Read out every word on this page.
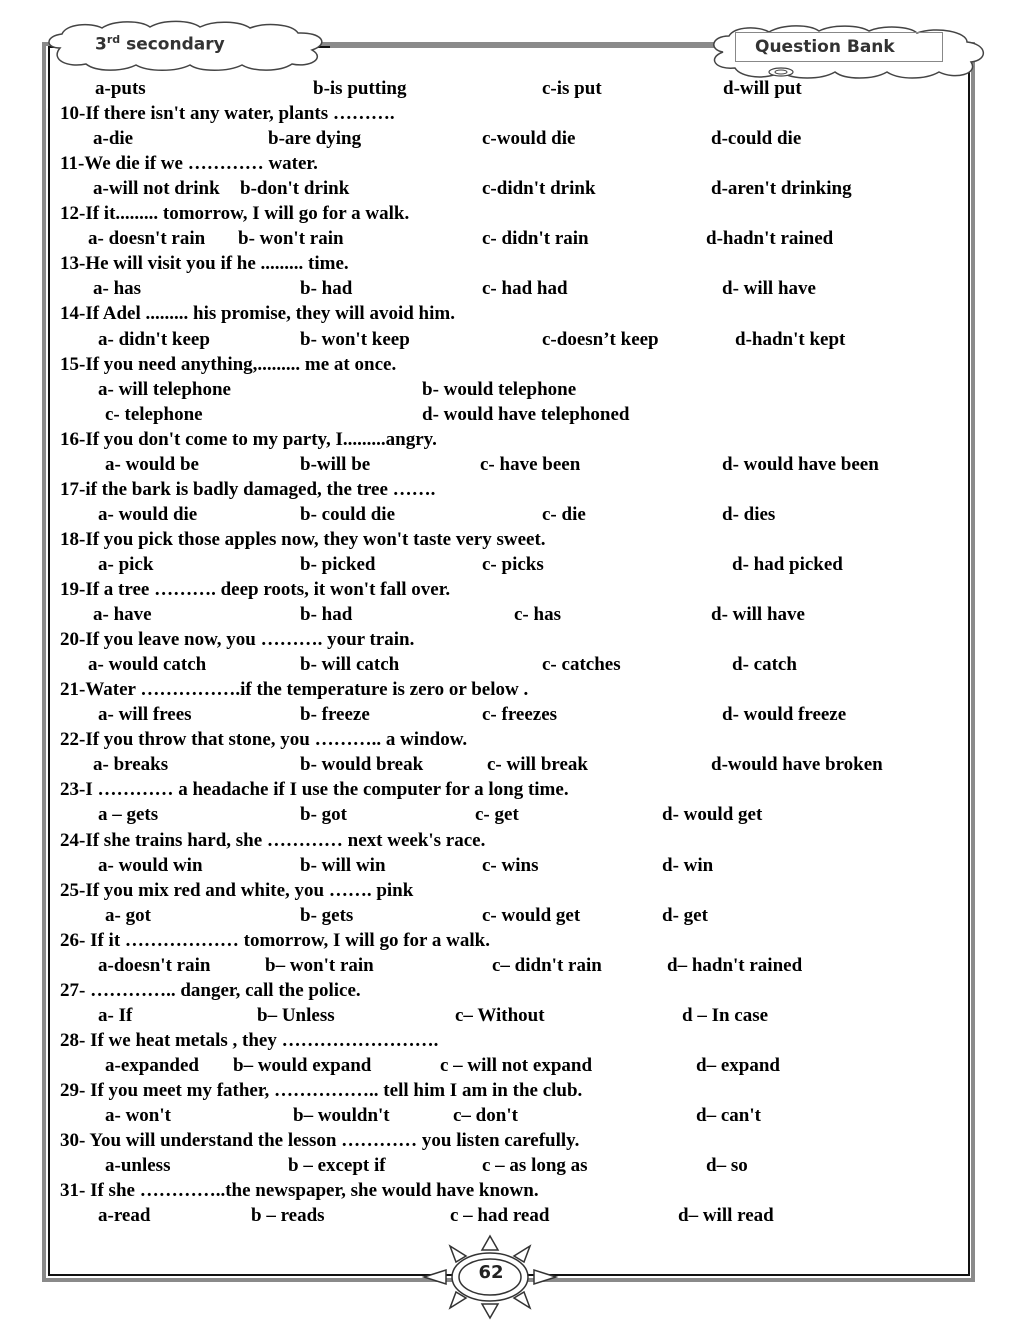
3rd secondary	Question Bank
a-puts	b-is putting	c-is put	d-will put
10-If there isn't any water, plants ……….
a-die	b-are dying	c-would die	d-could die
11-We die if we ………… water.
a-will not drink b-don't drink	c-didn't drink	d-aren't drinking
12-If it......... tomorrow, I will go for a walk.
a- doesn't rain b- won't rain	c- didn't rain	d-hadn't rained
13-He will visit you if he ......... time.
a- has	b- had	c- had had	d- will have
14-If Adel ......... his promise, they will avoid him.
a- didn't keep	b- won't keep	c-doesn’t keep	d-hadn't kept
15-If you need anything,......... me at once.
a- will telephone	b- would telephone
c- telephone	d- would have telephoned
16-If you don't come to my party, I.........angry.
a- would be	b-will be	c- have been	d- would have been
17-if the bark is badly damaged, the tree …….
a- would die	b- could die	c- die	d- dies
18-If you pick those apples now, they won't taste very sweet.
a- pick	b- picked	c- picks	d- had picked
19-If a tree ………. deep roots, it won't fall over.
a- have	b- had	c- has	d- will have
20-If you leave now, you ………. your train.
a- would catch	b- will catch	c- catches	d- catch
21-Water …………….if the temperature is zero or below .
a- will frees	b- freeze	c- freezes	d- would freeze
22-If you throw that stone, you ……….. a window.
a- breaks	b- would break	c- will break	d-would have broken
23-I ………… a headache if I use the computer for a long time.
a – gets	b- got	c- get	d- would get
24-If she trains hard, she ………… next week's race.
a- would win	b- will win	c- wins	d- win
25-If you mix red and white, you ……. pink
a- got	b- gets	c- would get	d- get
26- If it ……………… tomorrow, I will go for a walk.
a-doesn't rain	b– won't rain	c– didn't rain	d– hadn't rained
27- ………….. danger, call the police.
a- If	b– Unless	c– Without	d – In case
28- If we heat metals , they …………………….
a-expanded b– would expand	c – will not expand	d– expand
29- If you meet my father, …………….. tell him I am in the club.
a- won't	b– wouldn't	c– don't	d– can't
30- You will understand the lesson ………… you listen carefully.
a-unless	b – except if	c – as long as	d– so
31- If she …………..the newspaper, she would have known.
a-read	b – reads	c – had read	d– will read
62
